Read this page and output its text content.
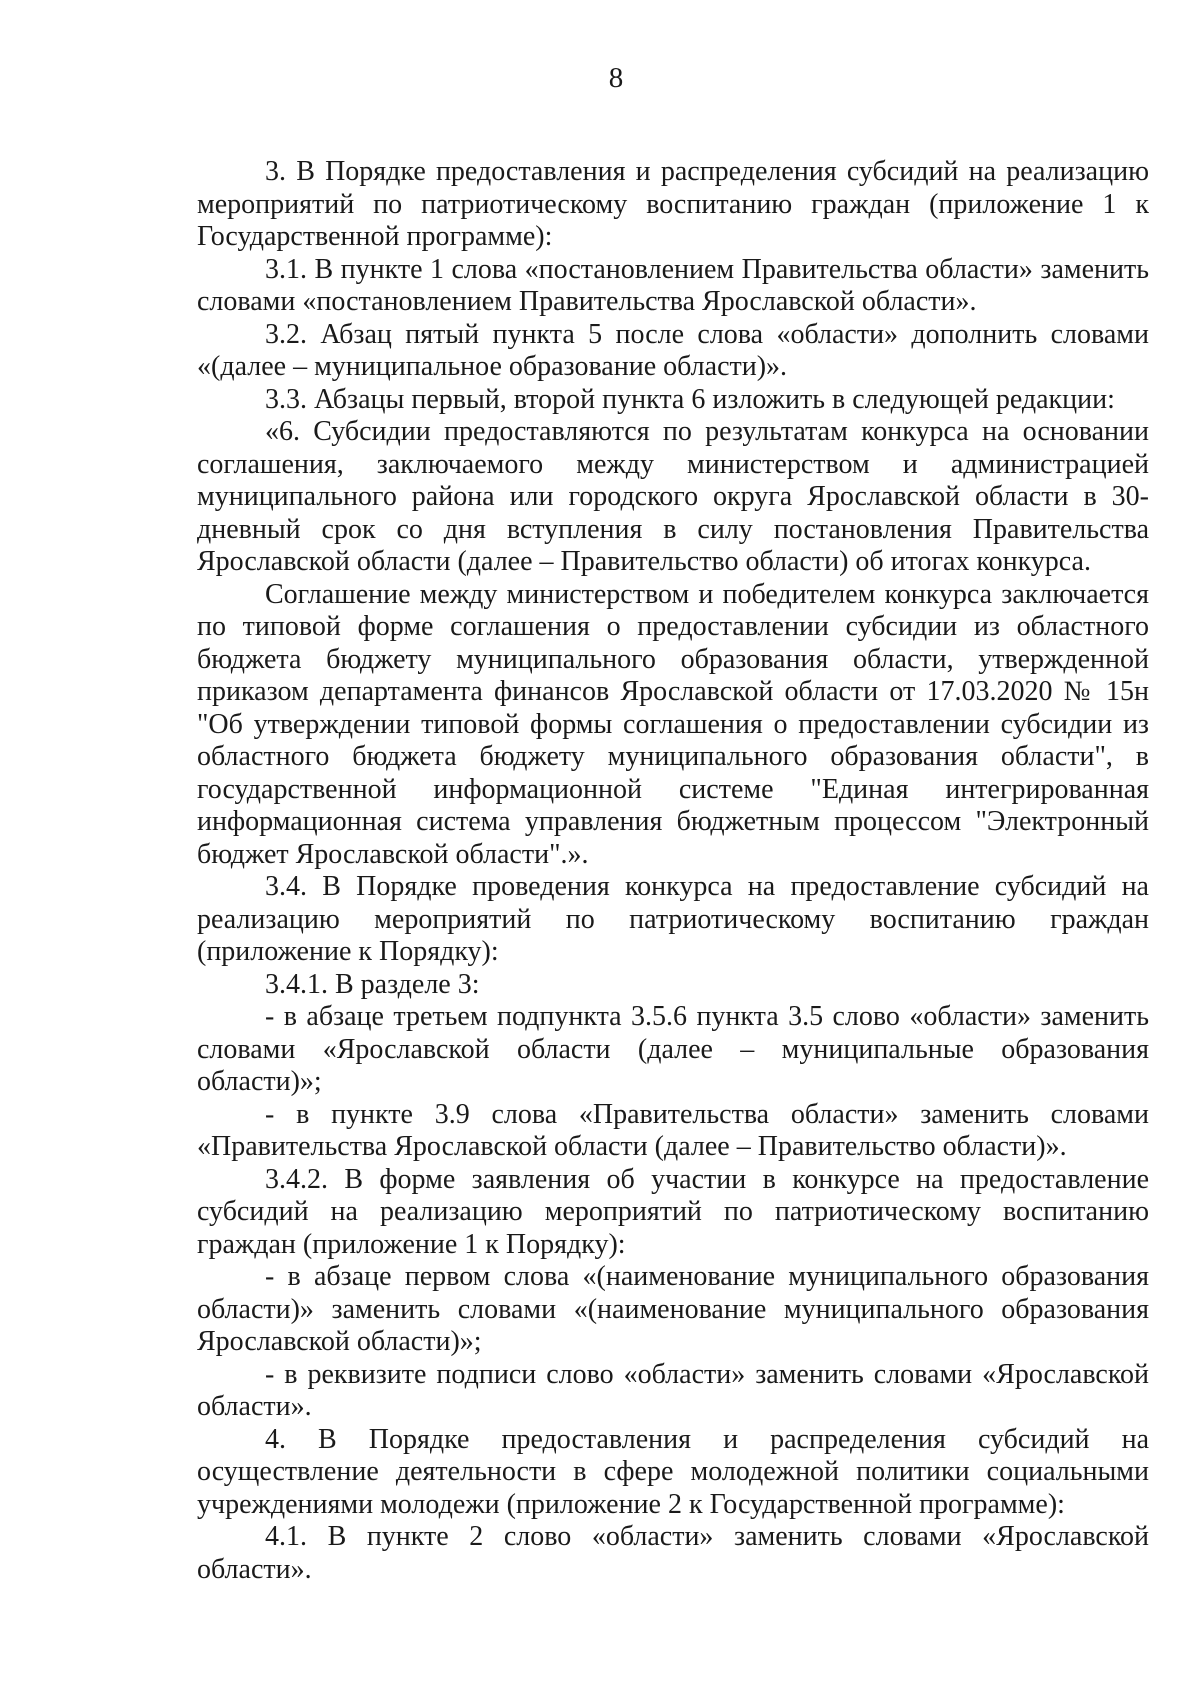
8

3. В Порядке предоставления и распределения субсидий на реализацию мероприятий по патриотическому воспитанию граждан (приложение 1 к Государственной программе):

3.1. В пункте 1 слова «постановлением Правительства области» заменить словами «постановлением Правительства Ярославской области».

3.2. Абзац пятый пункта 5 после слова «области» дополнить словами «(далее – муниципальное образование области)».

3.3. Абзацы первый, второй пункта 6 изложить в следующей редакции:

«6. Субсидии предоставляются по результатам конкурса на основании соглашения, заключаемого между министерством и администрацией муниципального района или городского округа Ярославской области в 30-дневный срок со дня вступления в силу постановления Правительства Ярославской области (далее – Правительство области) об итогах конкурса.

Соглашение между министерством и победителем конкурса заключается по типовой форме соглашения о предоставлении субсидии из областного бюджета бюджету муниципального образования области, утвержденной приказом департамента финансов Ярославской области от 17.03.2020 № 15н "Об утверждении типовой формы соглашения о предоставлении субсидии из областного бюджета бюджету муниципального образования области", в государственной информационной системе "Единая интегрированная информационная система управления бюджетным процессом "Электронный бюджет Ярославской области".».

3.4. В Порядке проведения конкурса на предоставление субсидий на реализацию мероприятий по патриотическому воспитанию граждан (приложение к Порядку):

3.4.1. В разделе 3:

- в абзаце третьем подпункта 3.5.6 пункта 3.5 слово «области» заменить словами «Ярославской области (далее – муниципальные образования области)»;

- в пункте 3.9 слова «Правительства области» заменить словами «Правительства Ярославской области (далее – Правительство области)».

3.4.2. В форме заявления об участии в конкурсе на предоставление субсидий на реализацию мероприятий по патриотическому воспитанию граждан (приложение 1 к Порядку):

- в абзаце первом слова «(наименование муниципального образования области)» заменить словами «(наименование муниципального образования Ярославской области)»;

- в реквизите подписи слово «области» заменить словами «Ярославской области».

4. В Порядке предоставления и распределения субсидий на осуществление деятельности в сфере молодежной политики социальными учреждениями молодежи (приложение 2 к Государственной программе):

4.1. В пункте 2 слово «области» заменить словами «Ярославской области».
